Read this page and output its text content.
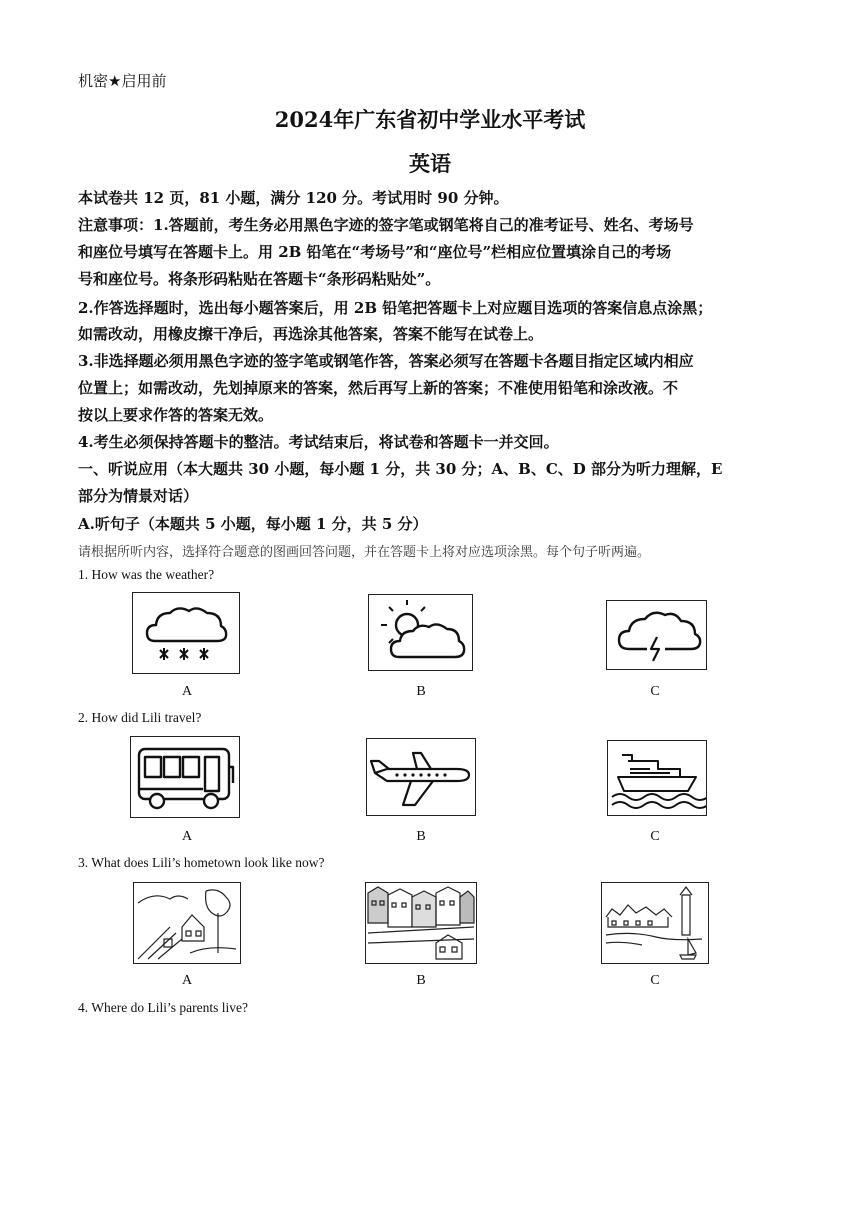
机密★启用前
2024年广东省初中学业水平考试
英语
本试卷共 12 页，81 小题，满分 120 分。考试用时 90 分钟。
注意事项：1.答题前，考生务必用黑色字迹的签字笔或钢笔将自己的准考证号、姓名、考场号
和座位号填写在答题卡上。用 2B 铅笔在“考场号”和“座位号”栏相应位置填涂自己的考场
号和座位号。将条形码粘贴在答题卡“条形码粘贴处”。
2.作答选择题时，选出每小题答案后，用 2B 铅笔把答题卡上对应题目选项的答案信息点涂黑；
如需改动，用橡皮擦干净后，再选涂其他答案，答案不能写在试卷上。
3.非选择题必须用黑色字迹的签字笔或钢笔作答，答案必须写在答题卡各题目指定区域内相应
位置上；如需改动，先划掉原来的答案，然后再写上新的答案；不准使用铅笔和涂改液。不
按以上要求作答的答案无效。
4.考生必须保持答题卡的整洁。考试结束后，将试卷和答题卡一并交回。
一、听说应用（本大题共 30 小题，每小题 1 分，共 30 分；A、B、C、D 部分为听力理解，E
部分为情景对话）
A.听句子（本题共 5 小题，每小题 1 分，共 5 分）
请根据所听内容，选择符合题意的图画回答问题，并在答题卡上将对应选项涂黑。每个句子听两遍。
1. How was the weather?
A	B	C
2. How did Lili travel?
A	B	C
3. What does Lili’s hometown look like now?
A	B	C
4. Where do Lili’s parents live?
